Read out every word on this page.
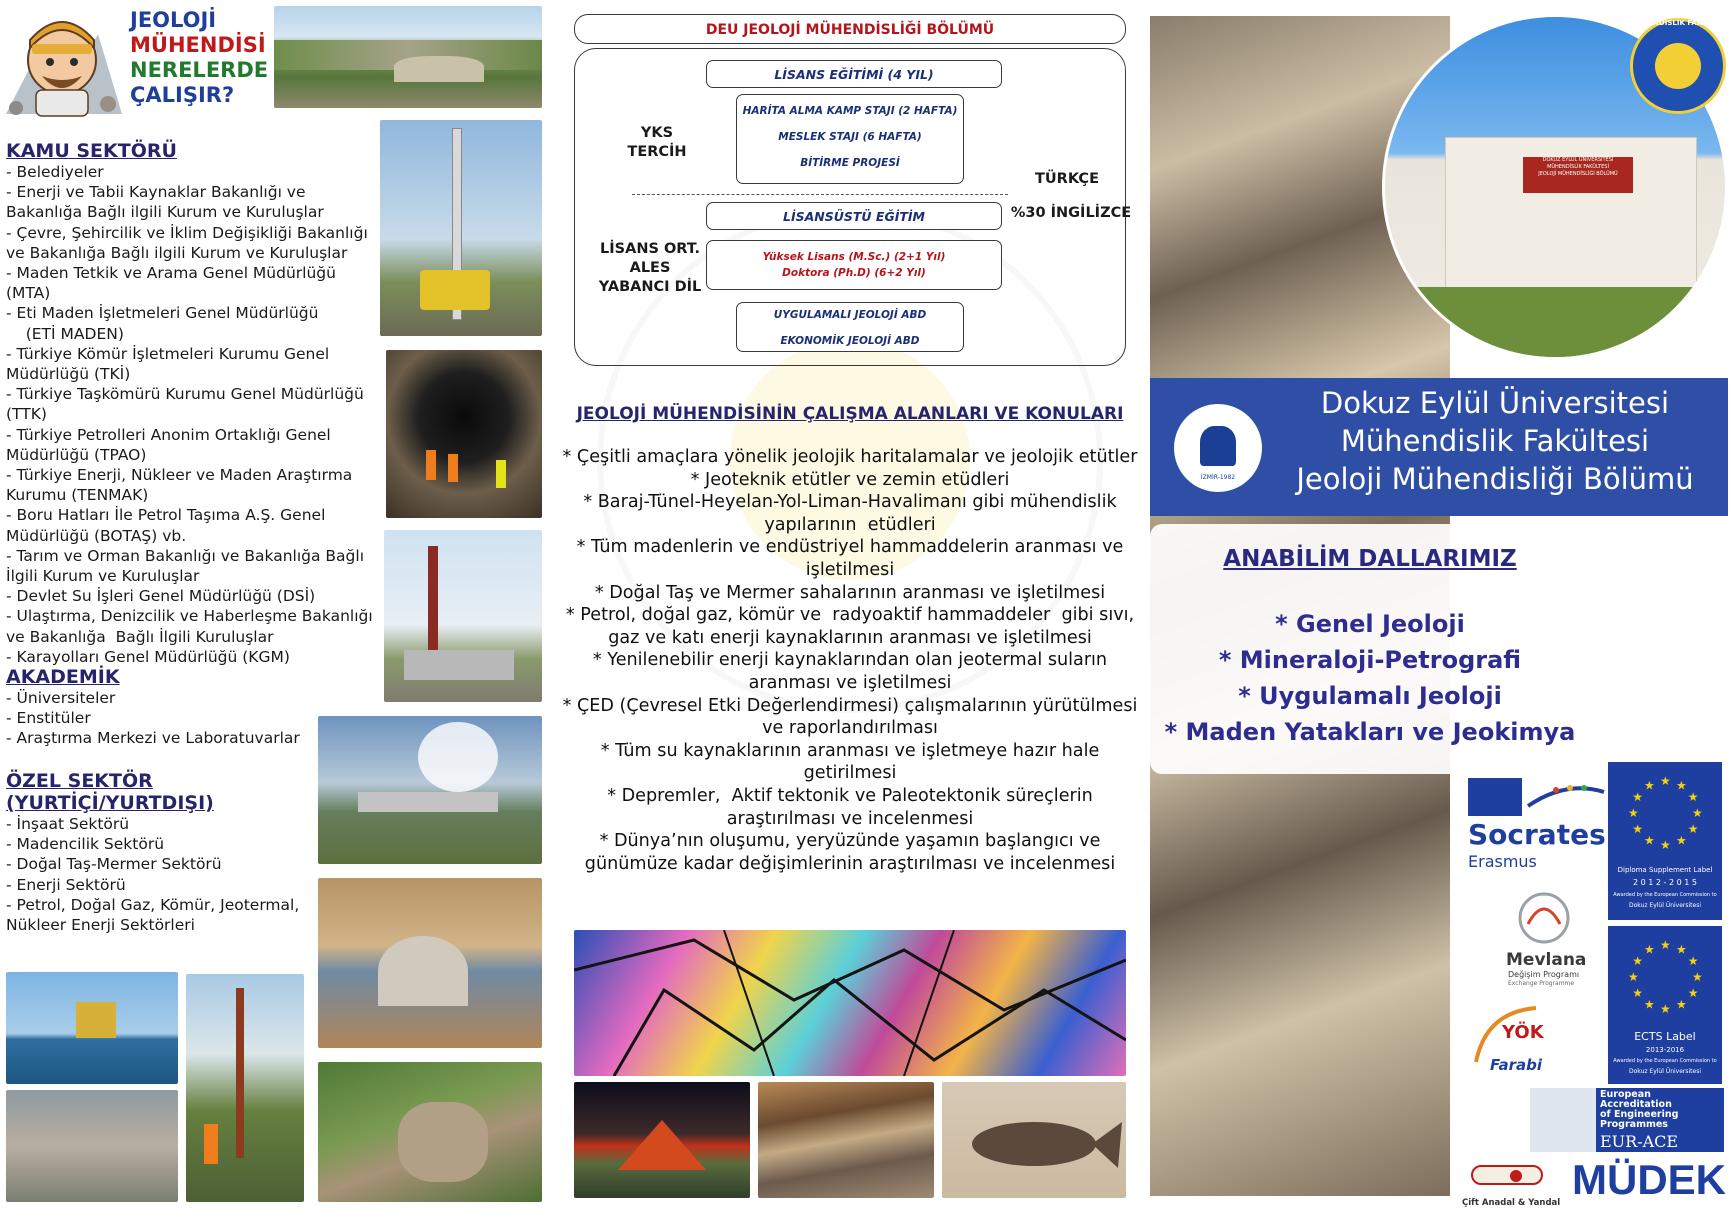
JEOLOJİ
MÜHENDİSİ
NERELERDE
ÇALIŞIR?

KAMU SEKTÖRÜ

- Belediyeler
- Enerji ve Tabii Kaynaklar Bakanlığı ve Bakanlığa Bağlı ilgili Kurum ve Kuruluşlar
- Çevre, Şehircilik ve İklim Değişikliği Bakanlığı ve Bakanlığa Bağlı ilgili Kurum ve Kuruluşlar
- Maden Tetkik ve Arama Genel Müdürlüğü (MTA)
- Eti Maden İşletmeleri Genel Müdürlüğü
(ETİ MADEN)
- Türkiye Kömür İşletmeleri Kurumu Genel Müdürlüğü (TKİ)
- Türkiye Taşkömürü Kurumu Genel Müdürlüğü (TTK)
- Türkiye Petrolleri Anonim Ortaklığı Genel Müdürlüğü (TPAO)
- Türkiye Enerji, Nükleer ve Maden Araştırma Kurumu (TENMAK)
- Boru Hatları İle Petrol Taşıma A.Ş. Genel Müdürlüğü (BOTAŞ) vb.
- Tarım ve Orman Bakanlığı ve Bakanlığa Bağlı İlgili Kurum ve Kuruluşlar
- Devlet Su İşleri Genel Müdürlüğü (DSİ)
- Ulaştırma, Denizcilik ve Haberleşme Bakanlığı ve Bakanlığa  Bağlı İlgili Kuruluşlar
- Karayolları Genel Müdürlüğü (KGM)

AKADEMİK

- Üniversiteler
- Enstitüler
- Araştırma Merkezi ve Laboratuvarlar

ÖZEL SEKTÖR

(YURTİÇİ/YURTDIŞI)

- İnşaat Sektörü
- Madencilik Sektörü
- Doğal Taş-Mermer Sektörü
- Enerji Sektörü
- Petrol, Doğal Gaz, Kömür, Jeotermal, Nükleer Enerji Sektörleri
DEU JEOLOJİ MÜHENDİSLİĞİ BÖLÜMÜ
LİSANS EĞİTİMİ (4 YIL)
YKS
TERCİH
HARİTA ALMA KAMP STAJI (2 HAFTA)
MESLEK STAJI (6 HAFTA)
BİTİRME PROJESİ
TÜRKÇE
%30 İNGİLİZCE
LİSANSÜSTÜ EĞİTİM
LİSANS ORT.
ALES
YABANCI DİL
Yüksek Lisans (M.Sc.) (2+1 Yıl)
Doktora (Ph.D) (6+2 Yıl)
UYGULAMALI JEOLOJİ ABD
EKONOMİK JEOLOJİ ABD
JEOLOJİ MÜHENDİSİNİN ÇALIŞMA ALANLARI VE KONULARI
* Çeşitli amaçlara yönelik jeolojik haritalamalar ve jeolojik etütler
* Jeoteknik etütler ve zemin etüdleri
* Baraj-Tünel-Heyelan-Yol-Liman-Havalimanı gibi mühendislik
yapılarının  etüdleri
* Tüm madenlerin ve endüstriyel hammaddelerin aranması ve
işletilmesi
* Doğal Taş ve Mermer sahalarının aranması ve işletilmesi
* Petrol, doğal gaz, kömür ve  radyoaktif hammaddeler  gibi sıvı,
gaz ve katı enerji kaynaklarının aranması ve işletilmesi
* Yenilenebilir enerji kaynaklarından olan jeotermal suların
aranması ve işletilmesi
* ÇED (Çevresel Etki Değerlendirmesi) çalışmalarının yürütülmesi
ve raporlandırılması
* Tüm su kaynaklarının aranması ve işletmeye hazır hale
getirilmesi
* Depremler,  Aktif tektonik ve Paleotektonik süreçlerin
araştırılması ve incelenmesi
* Dünya’nın oluşumu, yeryüzünde yaşamın başlangıcı ve
günümüze kadar değişimlerinin araştırılması ve incelenmesi
DOKUZ EYLÜL ÜNİVERSİTESİ
MÜHENDİSLİK FAKÜLTESİ
JEOLOJİ MÜHENDİSLİĞİ BÖLÜMÜ
MÜHENDİSLİK FAKÜLTESİ
İZMİR-1982
Dokuz Eylül Üniversitesi
Mühendislik Fakültesi
Jeoloji Mühendisliği Bölümü
ANABİLİM DALLARIMIZ
* Genel Jeoloji
* Mineraloji-Petrografi
* Uygulamalı Jeoloji
* Maden Yatakları ve Jeokimya
Socrates
Erasmus
★ ★
★
★
★
★
★
★
★
★
★
★
Diploma Supplement Label
2 0 1 2 - 2 0 1 5
Awarded by the European Commission to
Dokuz Eylül Üniversitesi
Mevlana
Değişim Programı
Exchange Programme
★ ★
★
★
★
★
★
★
★
★
★
★
ECTS Label
2013-2016
Awarded by the European Commission to
Dokuz Eylül Üniversitesi
YÖK
Farabi
European
Accreditation
of Engineering
Programmes
EUR-ACE
Çift Anadal & Yandal MÜDEK
